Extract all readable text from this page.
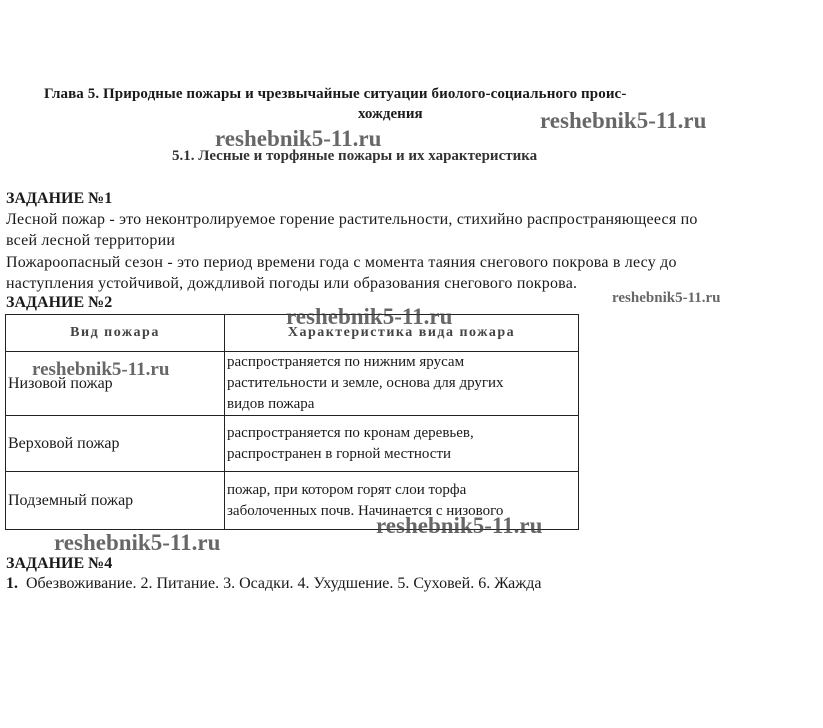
Глава 5. Природные пожары и чрезвычайные ситуации биолого-социального проис-
хождения
5.1. Лесные и торфяные пожары и их характеристика
ЗАДАНИЕ №1
Лесной пожар - это неконтролируемое горение растительности, стихийно распространяющееся по
всей лесной территории
Пожароопасный сезон - это период времени года с момента таяния снегового покрова в лесу до
наступления устойчивой, дождливой погоды или образования снегового покрова.
ЗАДАНИЕ №2
Вид пожара	Характеристика вида пожара
Низовой пожар	распространяется по нижним ярусам
растительности и земле, основа для других
видов пожара

Верховой пожар	распространяется по кронам деревьев,
распространен в горной местности

Подземный пожар	пожар, при котором горят слои торфа
заболоченных почв. Начинается с низового
ЗАДАНИЕ №4
1. Обезвоживание. 2. Питание. 3. Осадки. 4. Ухудшение. 5. Суховей. 6. Жажда
reshebnik5-11.ru
reshebnik5-11.ru
reshebnik5-11.ru
reshebnik5-11.ru
reshebnik5-11.ru
reshebnik5-11.ru
reshebnik5-11.ru
